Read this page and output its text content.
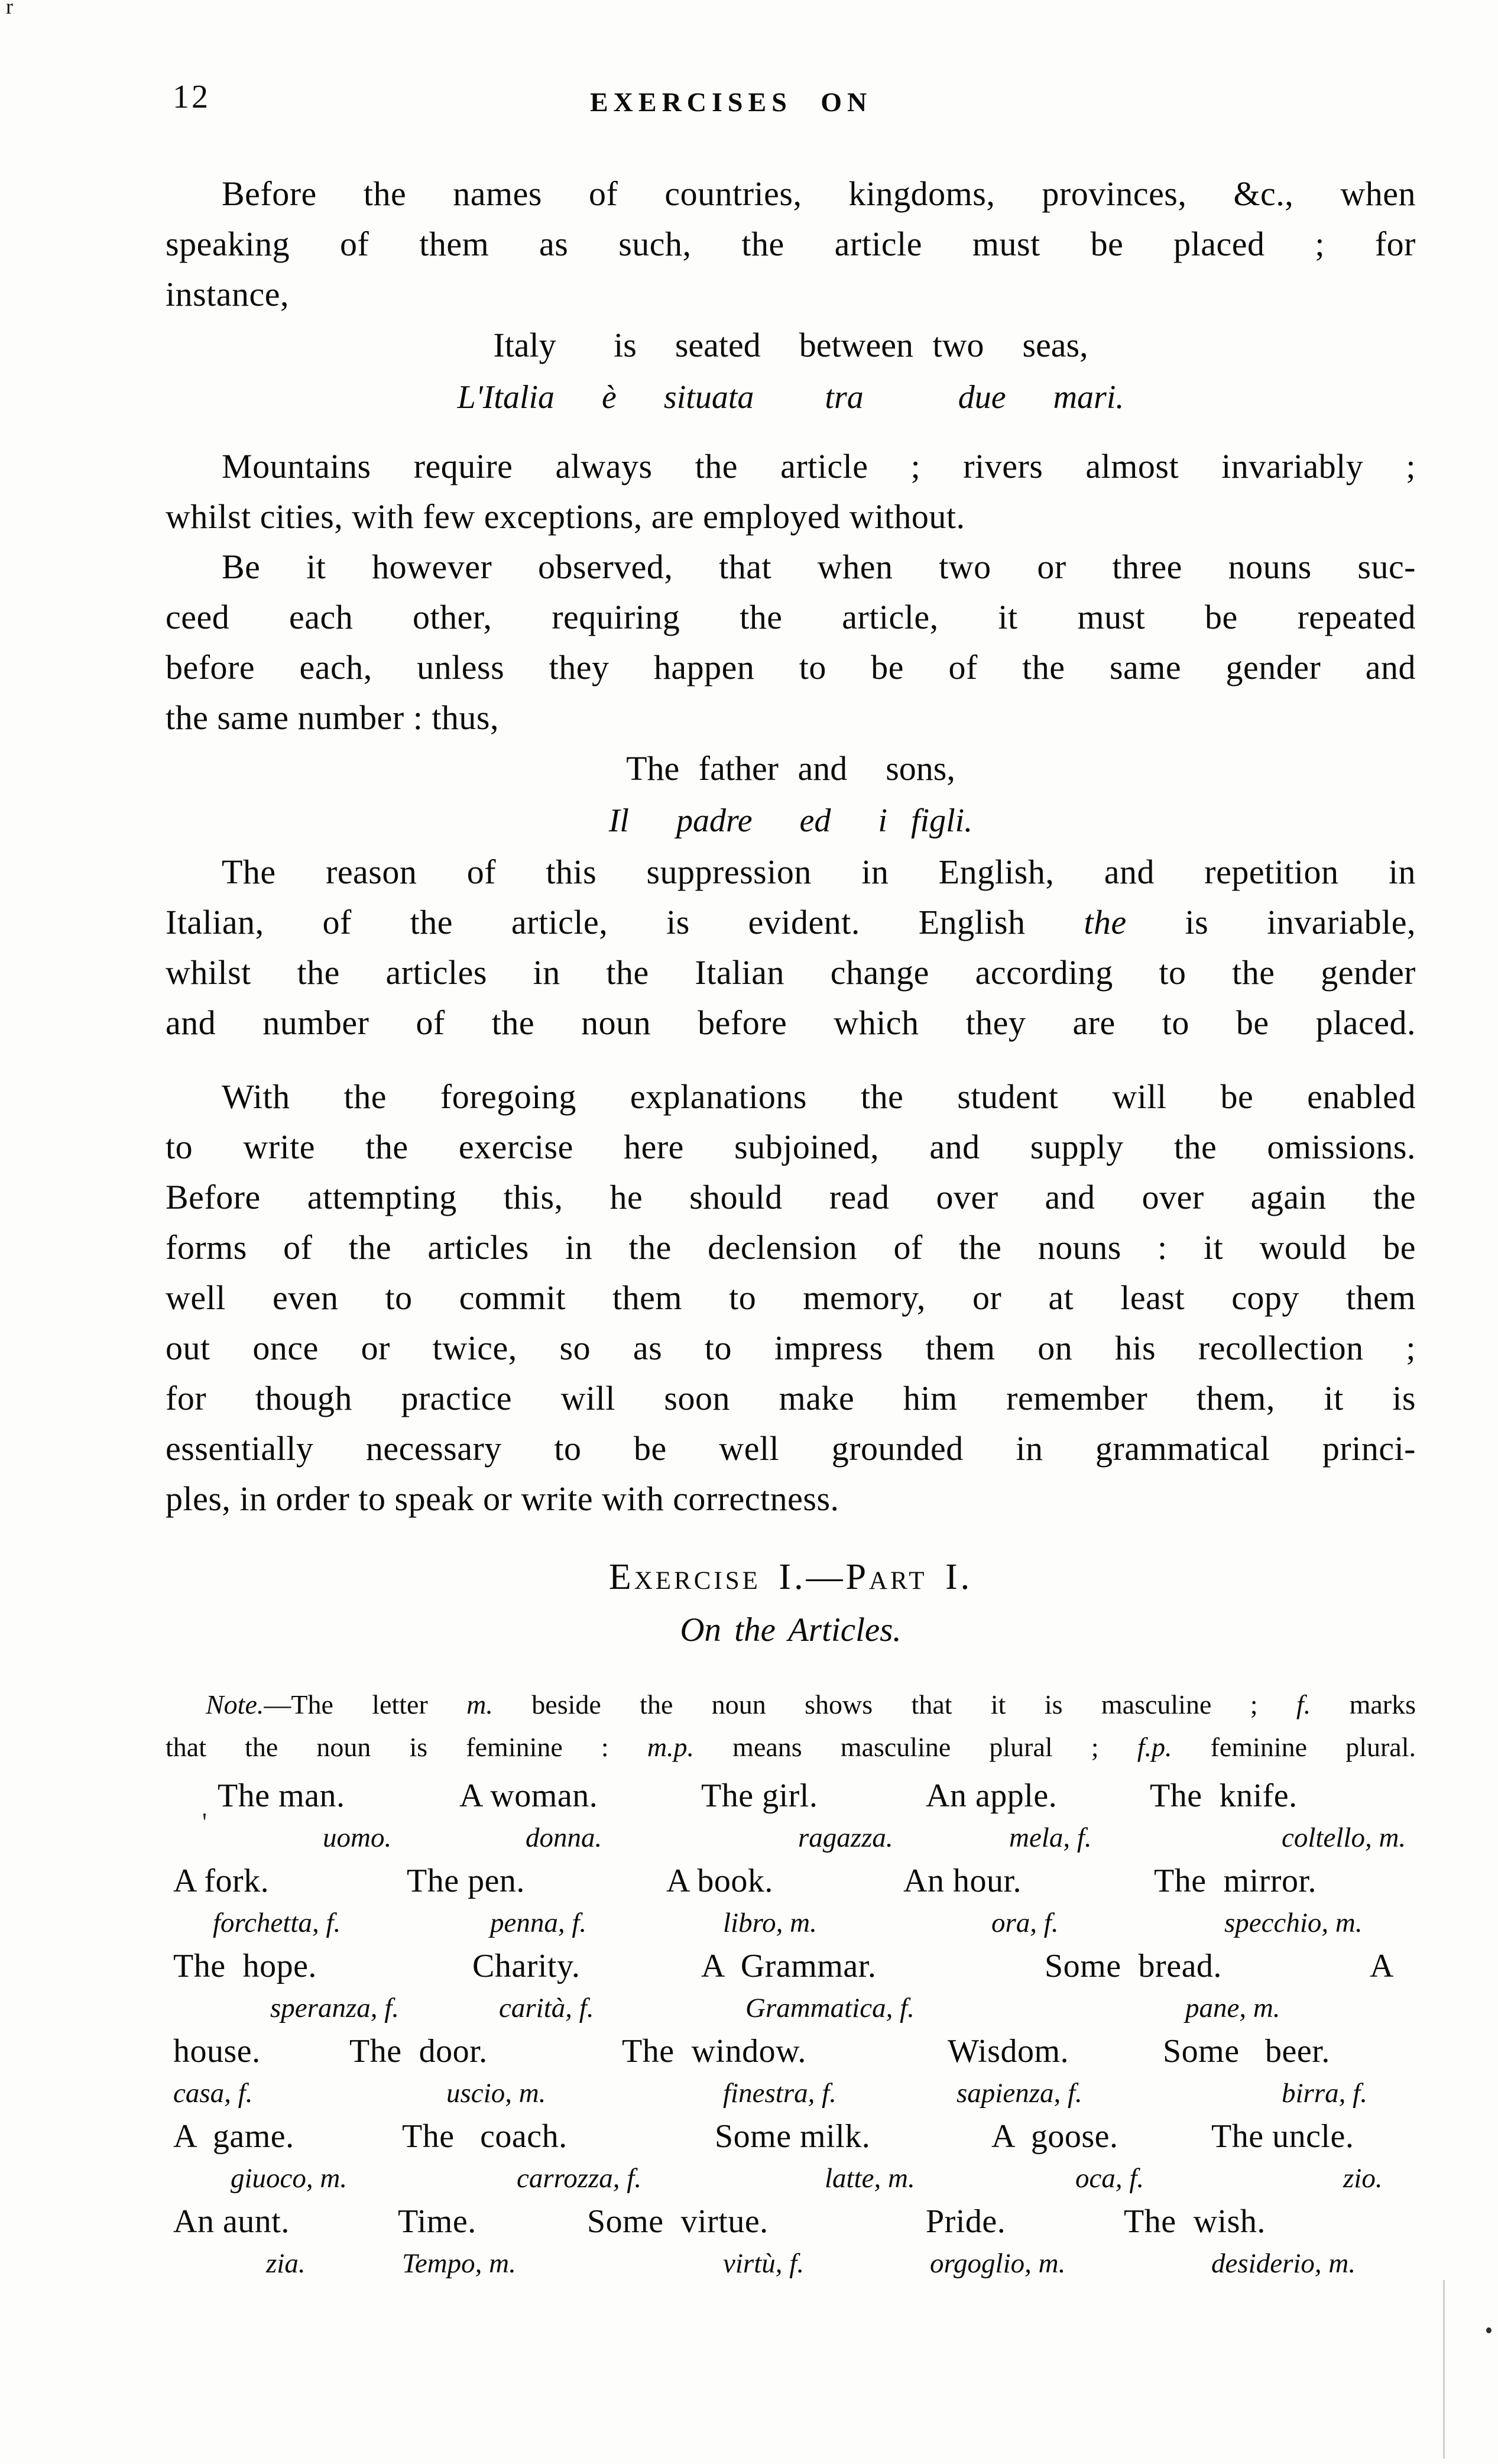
r
12	EXERCISES ON
Before the names of countries, kingdoms, provinces, &c., when
speaking of them as such, the article must be placed ; for
instance,
Italy   is  seated  between two  seas,
L'Italia  è  situata   tra    due  mari.
Mountains require always the article ; rivers almost invariably ;
whilst cities, with few exceptions, are employed without.
Be it however observed, that when two or three nouns suc-
ceed each other, requiring the article, it must be repeated
before each, unless they happen to be of the same gender and
the same number : thus,
The father and  sons,
Il  padre  ed  i figli.
The reason of this suppression in English, and repetition in
Italian, of the article, is evident. English the is invariable,
whilst the articles in the Italian change according to the gender
and number of the noun before which they are to be placed.
With the foregoing explanations the student will be enabled
to write the exercise here subjoined, and supply the omissions.
Before attempting this, he should read over and over again the
forms of the articles in the declension of the nouns : it would be
well even to commit them to memory, or at least copy them
out once or twice, so as to impress them on his recollection ;
for though practice will soon make him remember them, it is
essentially necessary to be well grounded in grammatical princi-
ples, in order to speak or write with correctness.
Exercise I.—Part I.
On the Articles.
Note.—The letter m. beside the noun shows that it is masculine ; f. marks
that the noun is feminine : m.p. means masculine plural ; f.p. feminine plural.
The man.	A woman.	The girl.	An apple.	The  knife.
uomo.	donna.	ragazza.	mela, f.	coltello, m.
A fork.	The pen.	A book.	An hour.	The  mirror.
forchetta, f.	penna, f.	libro, m.	ora, f.	specchio, m.
The  hope.	Charity.	A  Grammar.	Some  bread.	A
speranza, f.	carità, f.	Grammatica, f.	pane, m.
house.	The  door.	The  window.	Wisdom.	Some   beer.
casa, f.	uscio, m.	finestra, f.	sapienza, f.	birra, f.
A  game.	The   coach.	Some milk.	A  goose.	The uncle.
giuoco, m.	carrozza, f.	latte, m.	oca, f.	zio.
An aunt.	Time.	Some  virtue.	Pride.	The  wish.
zia.	Tempo, m.	virtù, f.	orgoglio, m.	desiderio, m.
'
